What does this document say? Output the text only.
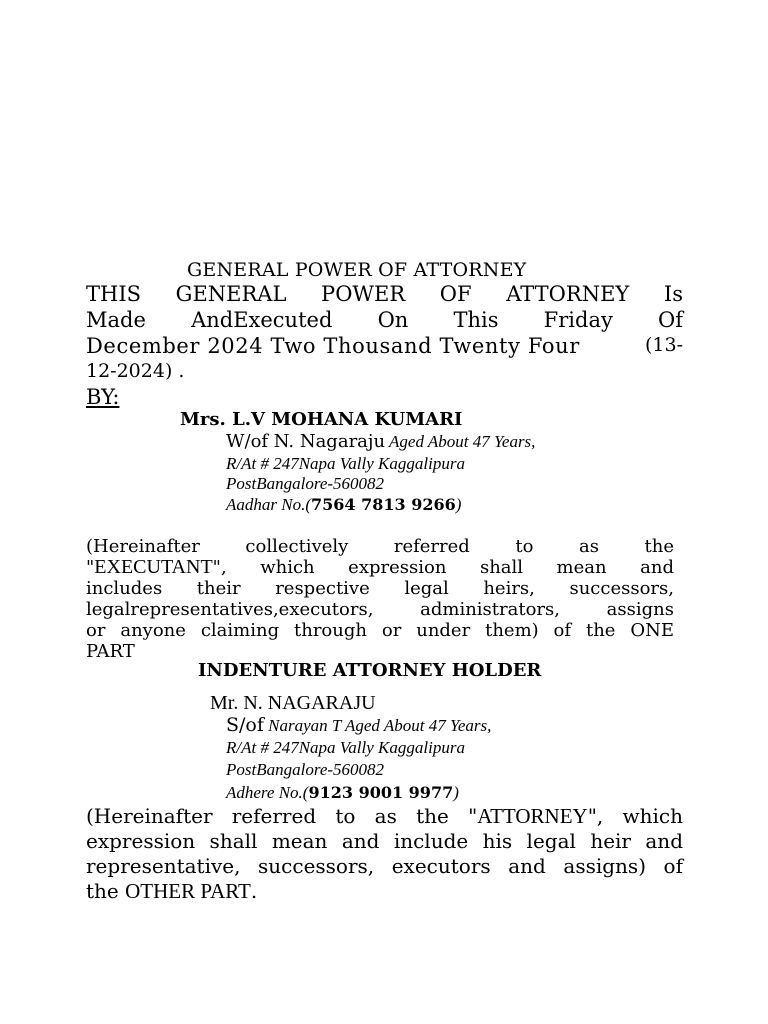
GENERAL POWER OF ATTORNEY
THIS GENERAL POWER OF ATTORNEY Is
Made AndExecuted On This Friday Of
December 2024 Two Thousand Twenty Four	(13-
12-2024) .
BY:
Mrs. L.V MOHANA KUMARI
W/of N. Nagaraju Aged About 47 Years,
R/At # 247Napa Vally Kaggalipura
PostBangalore-560082
Aadhar No.(7564 7813 9266)
(Hereinafter collectively referred to as the
"EXECUTANT", which expression shall mean and
includes their respective legal heirs, successors,
legalrepresentatives,executors, administrators, assigns
or anyone claiming through or under them) of the ONE
PART
INDENTURE ATTORNEY HOLDER
Mr. N. NAGARAJU
S/of Narayan T Aged About 47 Years,
R/At # 247Napa Vally Kaggalipura
PostBangalore-560082
Adhere No.(9123 9001 9977)
(Hereinafter referred to as the "ATTORNEY", which
expression shall mean and include his legal heir and
representative, successors, executors and assigns) of
the OTHER PART.
